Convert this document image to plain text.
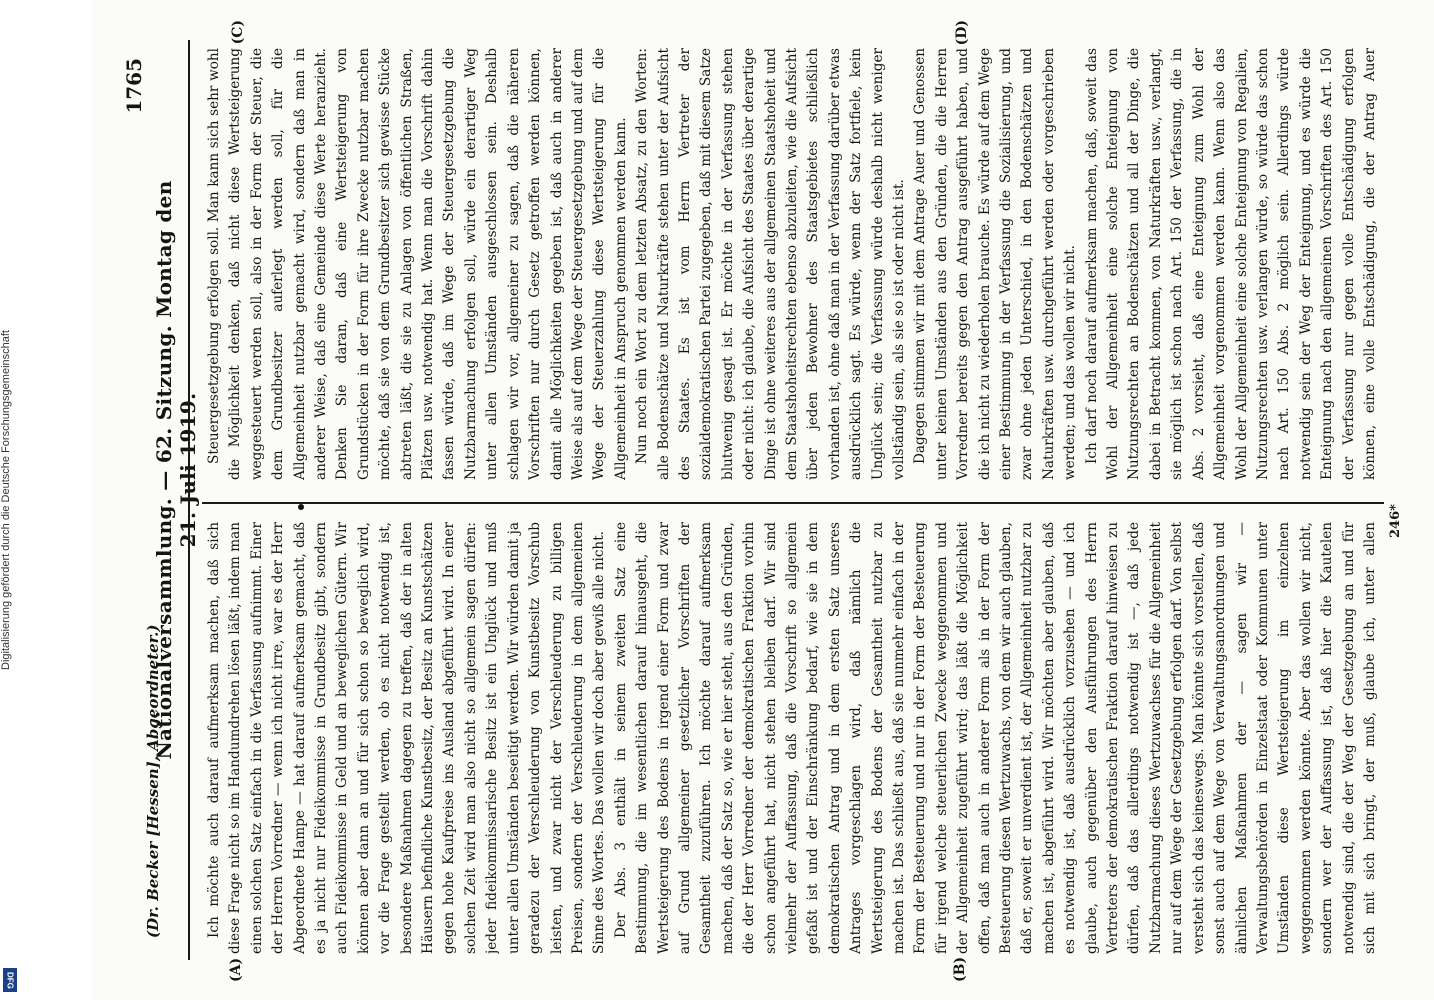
Digitalisierung gefördert durch die Deutsche Forschungsgemeinschaft
DFG
(Dr. Becker [Hessen], Abgeordneter.)
Nationalversammlung. — 62. Sitzung. Montag den 21. Juli 1919.
1765
(A)	(B)
(C)	(D)

Ich möchte auch darauf aufmerksam machen, daß sich diese Frage nicht so im Handumdrehen lösen läßt, indem man einen solchen Satz einfach in die Verfassung aufnimmt. Einer der Herren Vorredner — wenn ich nicht irre, war es der Herr Abgeordnete Hampe — hat darauf aufmerksam gemacht, daß es ja nicht nur Fideikommisse in Grundbesitz gibt, sondern auch Fideikommisse in Geld und an beweglichen Gütern. Wir können aber dann an und für sich schon so beweglich wird, vor die Frage gestellt werden, ob es nicht notwendig ist, besondere Maßnahmen dagegen zu treffen, daß der in alten Häusern befindliche Kunstbesitz, der Besitz an Kunstschätzen gegen hohe Kaufpreise ins Ausland abgeführt wird. In einer solchen Zeit wird man also nicht so allgemein sagen dürfen: jeder fideikommissarische Besitz ist ein Unglück und muß unter allen Umständen beseitigt werden. Wir würden damit ja geradezu der Verschleuderung von Kunstbesitz Vorschub leisten, und zwar nicht der Verschleuderung zu billigen Preisen, sondern der Verschleuderung in dem allgemeinen Sinne des Wortes. Das wollen wir doch aber gewiß alle nicht. Der Abs. 3 enthält in seinem zweiten Satz eine Bestimmung, die im wesentlichen darauf hinausgeht, die Wertsteigerung des Bodens in irgend einer Form und zwar auf Grund allgemeiner gesetzlicher Vorschriften der Gesamtheit zuzuführen. Ich möchte darauf aufmerksam machen, daß der Satz so, wie er hier steht, aus den Gründen, die der Herr Vorredner der demokratischen Fraktion vorhin schon angeführt hat, nicht stehen bleiben darf. Wir sind vielmehr der Auffassung, daß die Vorschrift so allgemein gefaßt ist und der Einschränkung bedarf, wie sie in dem demokratischen Antrag und in dem ersten Satz unseres Antrages vorgeschlagen wird, daß nämlich die Wertsteigerung des Bodens der Gesamtheit nutzbar zu machen ist. Das schließt aus, daß sie nunmehr einfach in der Form der Besteuerung und nur in der Form der Besteuerung für irgend welche steuerlichen Zwecke weggenommen und der Allgemeinheit zugeführt wird; das läßt die Möglichkeit offen, daß man auch in anderer Form als in der Form der Besteuerung diesen Wertzuwachs, von dem wir auch glauben, daß er, soweit er unverdient ist, der Allgemeinheit nutzbar zu machen ist, abgeführt wird. Wir möchten aber glauben, daß es notwendig ist, daß ausdrücklich vorzusehen — und ich glaube, auch gegenüber den Ausführungen des Herrn Vertreters der demokratischen Fraktion darauf hinweisen zu dürfen, daß das allerdings notwendig ist —, daß jede Nutzbarmachung dieses Wertzuwachses für die Allgemeinheit nur auf dem Wege der Gesetzgebung erfolgen darf. Von selbst versteht sich das keineswegs. Man könnte sich vorstellen, daß sonst auch auf dem Wege von Verwaltungsanordnungen und ähnlichen Maßnahmen der — sagen wir — Verwaltungsbehörden in Einzelstaat oder Kommunen unter Umständen diese Wertsteigerung im einzelnen weggenommen werden könnte. Aber das wollen wir nicht, sondern wer der Auffassung ist, daß hier die Kautelen notwendig sind, die der Weg der Gesetzgebung an und für sich mit sich bringt, der muß, glaube ich, unter allen

Steuergesetzgebung erfolgen soll. Man kann sich sehr wohl die Möglichkeit denken, daß nicht diese Wertsteigerung weggesteuert werden soll, also in der Form der Steuer, die dem Grundbesitzer auferlegt werden soll, für die Allgemeinheit nutzbar gemacht wird, sondern daß man in anderer Weise, daß eine Gemeinde diese Werte heranzieht. Denken Sie daran, daß eine Wertsteigerung von Grundstücken in der Form für ihre Zwecke nutzbar machen möchte, daß sie von dem Grundbesitzer sich gewisse Stücke abtreten läßt, die sie zu Anlagen von öffentlichen Straßen, Plätzen usw. notwendig hat. Wenn man die Vorschrift dahin fassen würde, daß im Wege der Steuergesetzgebung die Nutzbarmachung erfolgen soll, würde ein derartiger Weg unter allen Umständen ausgeschlossen sein. Deshalb schlagen wir vor, allgemeiner zu sagen, daß die näheren Vorschriften nur durch Gesetz getroffen werden können, damit alle Möglichkeiten gegeben ist, daß auch in anderer Weise als auf dem Wege der Steuergesetzgebung und auf dem Wege der Steuerzahlung diese Wertsteigerung für die Allgemeinheit in Anspruch genommen werden kann. Nun noch ein Wort zu dem letzten Absatz, zu den Worten: alle Bodenschätze und Naturkräfte stehen unter der Aufsicht des Staates. Es ist vom Herrn Vertreter der sozialdemokratischen Partei zugegeben, daß mit diesem Satze blutwenig gesagt ist. Er möchte in der Verfassung stehen oder nicht: ich glaube, die Aufsicht des Staates über derartige Dinge ist ohne weiteres aus der allgemeinen Staatshoheit und dem Staatshoheitsrechten ebenso abzuleiten, wie die Aufsicht über jeden Bewohner des Staatsgebietes schließlich vorhanden ist, ohne daß man in der Verfassung darüber etwas ausdrücklich sagt. Es würde, wenn der Satz fortfiele, kein Unglück sein; die Verfassung würde deshalb nicht weniger vollständig sein, als sie so ist oder nicht ist. Dagegen stimmen wir mit dem Antrage Auer und Genossen unter keinen Umständen aus den Gründen, die die Herren Vorredner bereits gegen den Antrag ausgeführt haben, und die ich nicht zu wiederholen brauche. Es würde auf dem Wege einer Bestimmung in der Verfassung die Sozialisierung, und zwar ohne jeden Unterschied, in den Bodenschätzen und Naturkräften usw. durchgeführt werden oder vorgeschrieben werden; und das wollen wir nicht. Ich darf noch darauf aufmerksam machen, daß, soweit das Wohl der Allgemeinheit eine solche Enteignung von Nutzungsrechten an Bodenschätzen und all der Dinge, die dabei in Betracht kommen, von Naturkräften usw., verlangt, sie möglich ist schon nach Art. 150 der Verfassung, die in Abs. 2 vorsieht, daß eine Enteignung zum Wohl der Allgemeinheit vorgenommen werden kann. Wenn also das Wohl der Allgemeinheit eine solche Enteignung von Regalien, Nutzungsrechten usw. verlangen würde, so würde das schon nach Art. 150 Abs. 2 möglich sein. Allerdings würde notwendig sein der Weg der Enteignung, und es würde die Enteignung nach den allgemeinen Vorschriften des Art. 150 der Verfassung nur gegen volle Entschädigung erfolgen können, eine volle Entschädigung, die der Antrag Auer

246*
